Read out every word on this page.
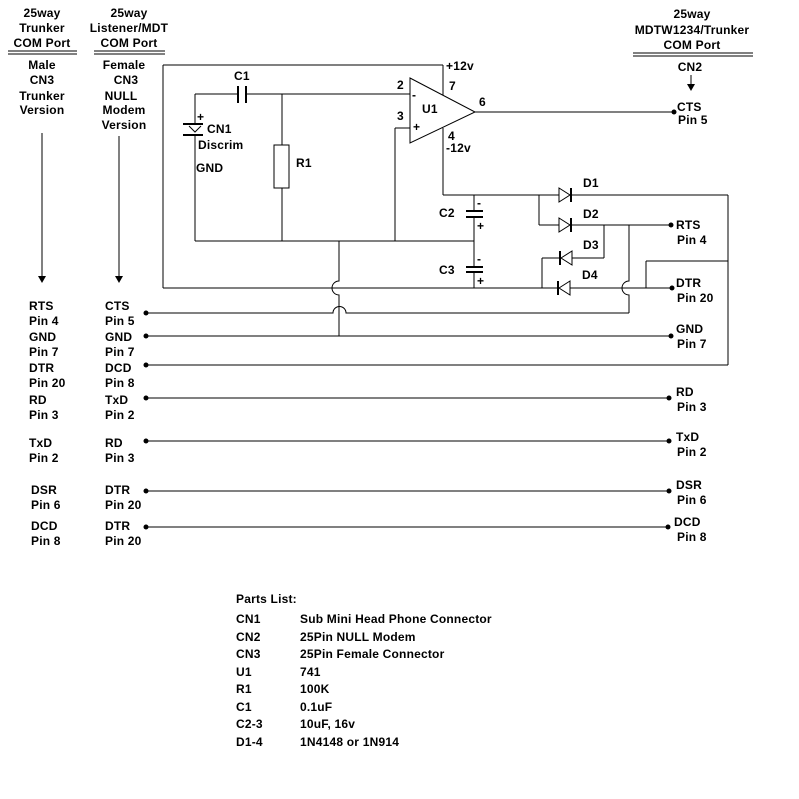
25way
Trunker
COM Port
Male
CN3
Trunker
Version
25way
Listener/MDT
COM Port
Female
CN3
NULL
Modem
Version
25way
MDTW1234/Trunker
COM Port
CN2
RTS
Pin 4
GND
Pin 7
DTR
Pin 20
RD
Pin 3
TxD
Pin 2
DSR
Pin 6
DCD
Pin 8
CTS
Pin 5
GND
Pin 7
DCD
Pin 8
TxD
Pin 2
RD
Pin 3
DTR
Pin 20
DTR
Pin 20
CTS
Pin 5
RTS
Pin 4
DTR
Pin 20
GND
Pin 7
RD
Pin 3
TxD
Pin 2
DSR
Pin 6
DCD
Pin 8
C1
+
CN1
Discrim
GND	R1
2
3
7
4
6
U1
+12v
-12v
-
+
C2
-
+
C3
-
+
D1
D2
D3
D4
Parts List:
CN1	Sub Mini Head Phone Connector
CN2	25Pin NULL Modem
CN3	25Pin Female Connector
U1	741
R1	100K
C1	0.1uF
C2-3	10uF, 16v
D1-4	1N4148 or 1N914
